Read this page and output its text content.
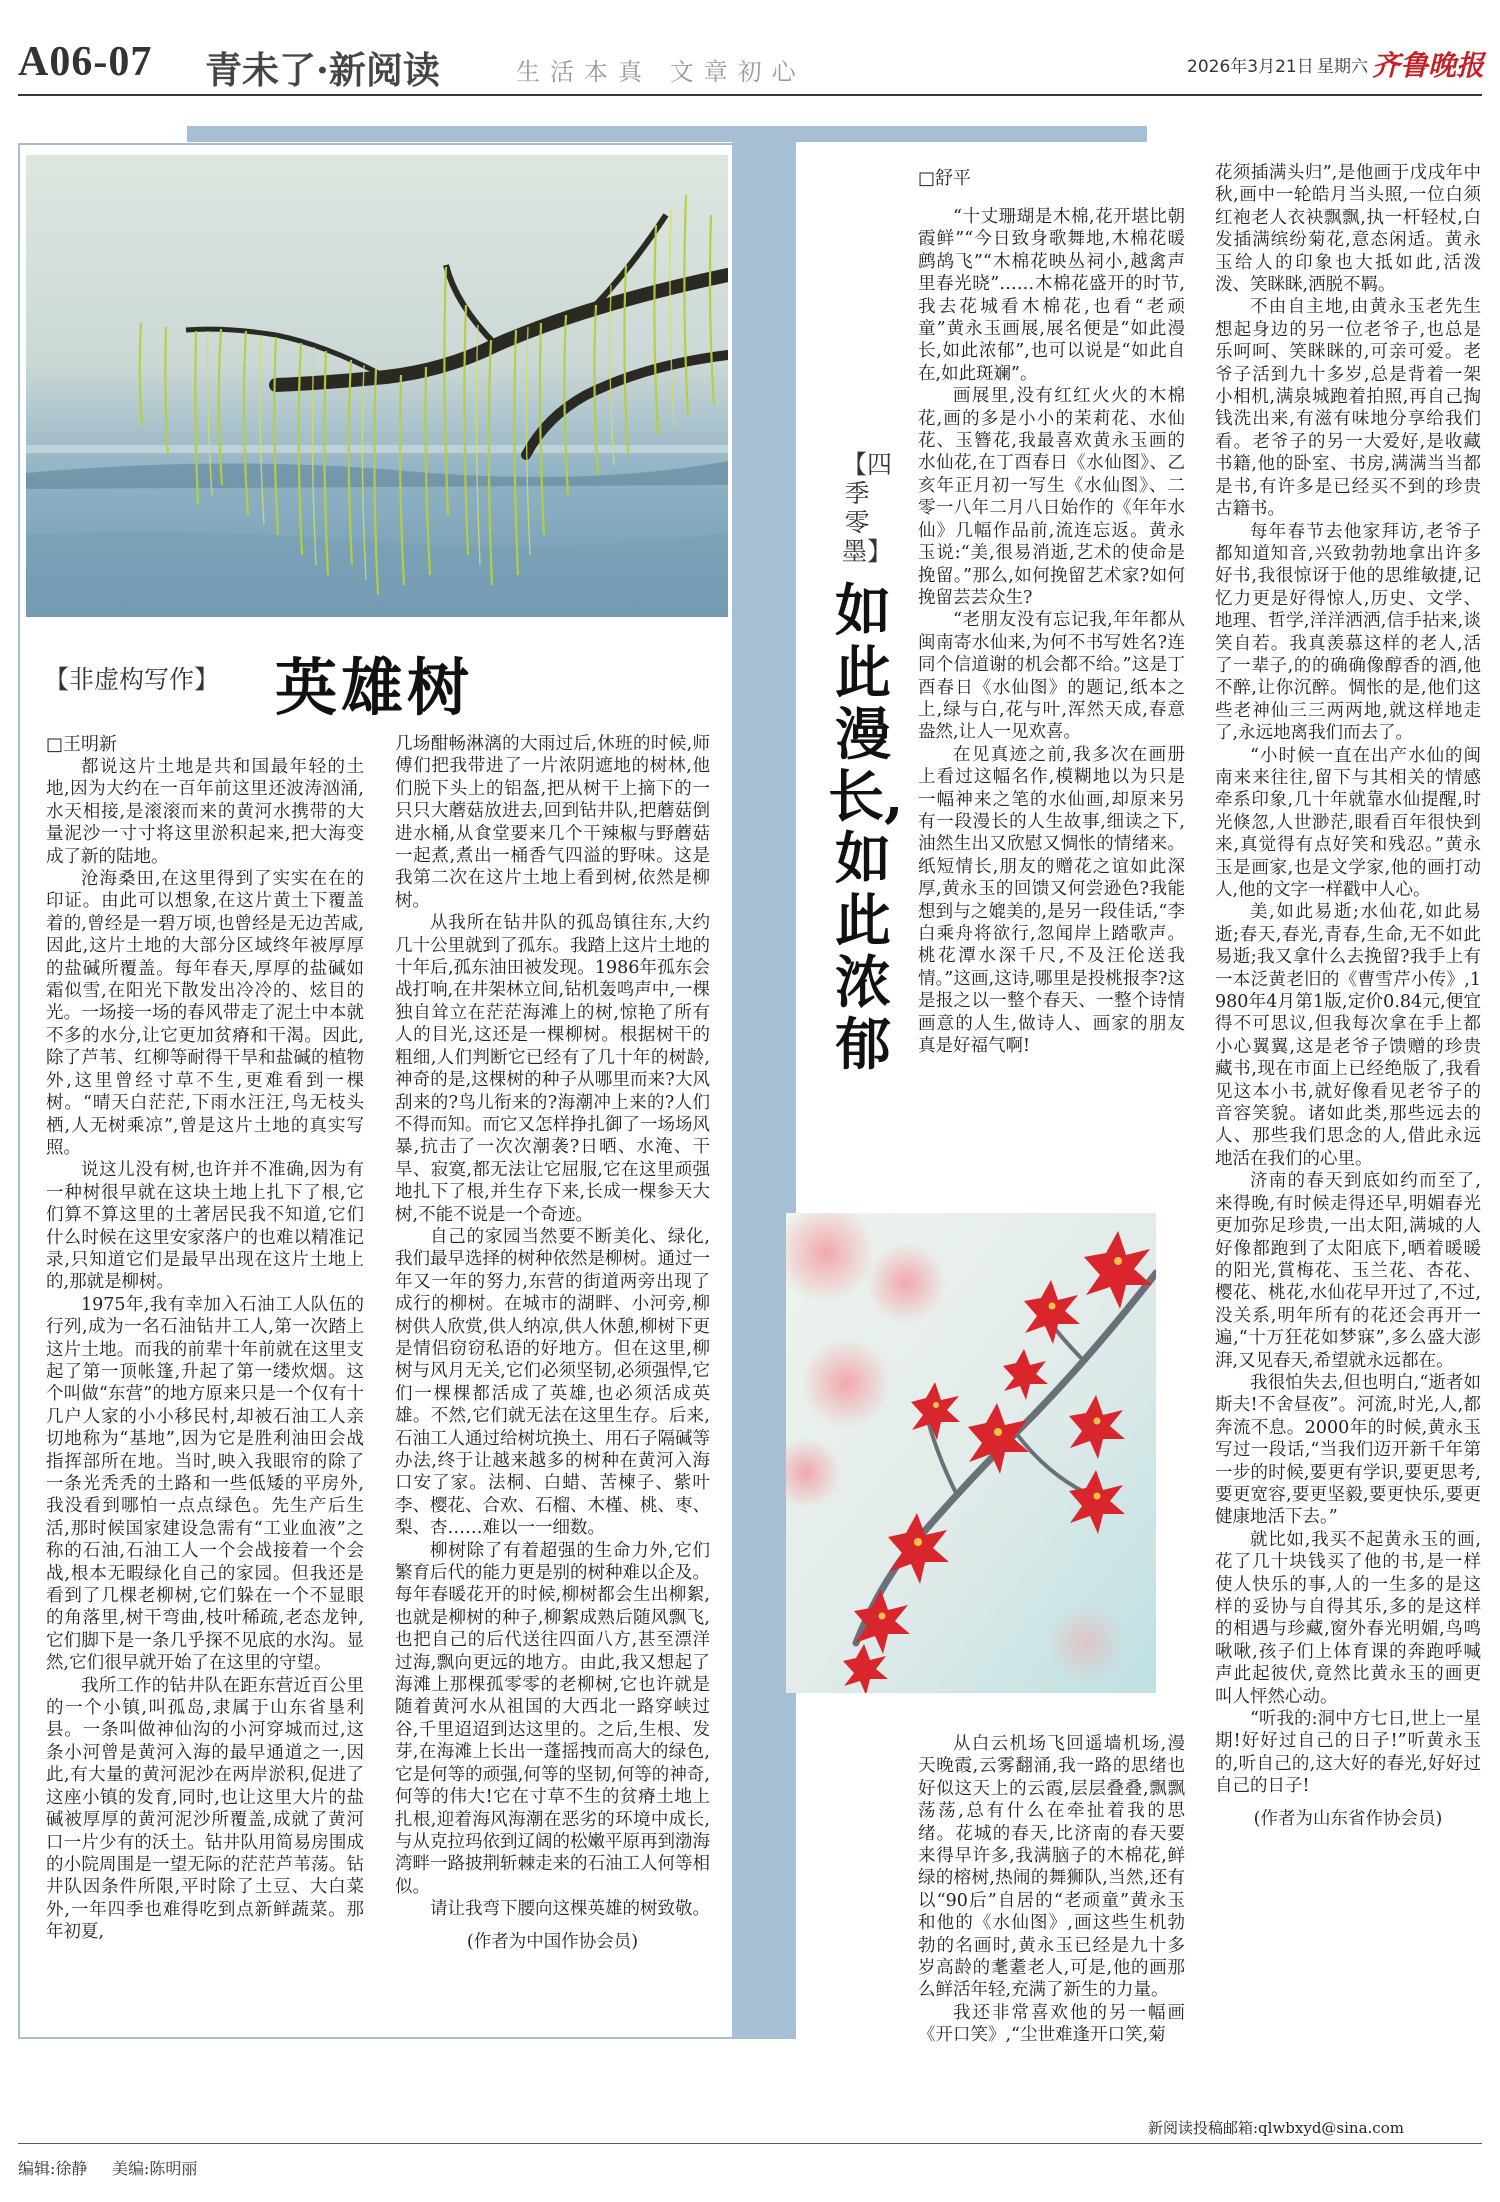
A06-07 青未了·新阅读	生活本真 文章初心	2026年3月21日 星期六 齐鲁晚报
【非虚构写作】 英雄树
□王明新

都说这片土地是共和国最年轻的土地,因为大约在一百年前这里还波涛汹涌,水天相接,是滚滚而来的黄河水携带的大量泥沙一寸寸将这里淤积起来,把大海变成了新的陆地。

沧海桑田,在这里得到了实实在在的印证。由此可以想象,在这片黄土下覆盖着的,曾经是一碧万顷,也曾经是无边苦咸,因此,这片土地的大部分区域终年被厚厚的盐碱所覆盖。每年春天,厚厚的盐碱如霜似雪,在阳光下散发出冷冷的、炫目的光。一场接一场的春风带走了泥土中本就不多的水分,让它更加贫瘠和干渴。因此,除了芦苇、红柳等耐得干旱和盐碱的植物外,这里曾经寸草不生,更难看到一棵树。“晴天白茫茫,下雨水汪汪,鸟无枝头栖,人无树乘凉”,曾是这片土地的真实写照。

说这儿没有树,也许并不准确,因为有一种树很早就在这块土地上扎下了根,它们算不算这里的土著居民我不知道,它们什么时候在这里安家落户的也难以精准记录,只知道它们是最早出现在这片土地上的,那就是柳树。

1975年,我有幸加入石油工人队伍的行列,成为一名石油钻井工人,第一次踏上这片土地。而我的前辈十年前就在这里支起了第一顶帐篷,升起了第一缕炊烟。这个叫做“东营”的地方原来只是一个仅有十几户人家的小小移民村,却被石油工人亲切地称为“基地”,因为它是胜利油田会战指挥部所在地。当时,映入我眼帘的除了一条光秃秃的土路和一些低矮的平房外,我没看到哪怕一点点绿色。先生产后生活,那时候国家建设急需有“工业血液”之称的石油,石油工人一个会战接着一个会战,根本无暇绿化自己的家园。但我还是看到了几棵老柳树,它们躲在一个不显眼的角落里,树干弯曲,枝叶稀疏,老态龙钟,它们脚下是一条几乎探不见底的水沟。显然,它们很早就开始了在这里的守望。

我所工作的钻井队在距东营近百公里的一个小镇,叫孤岛,隶属于山东省垦利县。一条叫做神仙沟的小河穿城而过,这条小河曾是黄河入海的最早通道之一,因此,有大量的黄河泥沙在两岸淤积,促进了这座小镇的发育,同时,也让这里大片的盐碱被厚厚的黄河泥沙所覆盖,成就了黄河口一片少有的沃土。钻井队用简易房围成的小院周围是一望无际的茫茫芦苇荡。钻井队因条件所限,平时除了土豆、大白菜外,一年四季也难得吃到点新鲜蔬菜。那年初夏,

几场酣畅淋漓的大雨过后,休班的时候,师傅们把我带进了一片浓阴遮地的树林,他们脱下头上的铝盔,把从树干上摘下的一只只大蘑菇放进去,回到钻井队,把蘑菇倒进水桶,从食堂要来几个干辣椒与野蘑菇一起煮,煮出一桶香气四溢的野味。这是我第二次在这片土地上看到树,依然是柳树。

从我所在钻井队的孤岛镇往东,大约几十公里就到了孤东。我踏上这片土地的十年后,孤东油田被发现。1986年孤东会战打响,在井架林立间,钻机轰鸣声中,一棵独自耸立在茫茫海滩上的树,惊艳了所有人的目光,这还是一棵柳树。根据树干的粗细,人们判断它已经有了几十年的树龄,神奇的是,这棵树的种子从哪里而来?大风刮来的?鸟儿衔来的?海潮冲上来的?人们不得而知。而它又怎样挣扎御了一场场风暴,抗击了一次次潮袭?日晒、水淹、干旱、寂寞,都无法让它屈服,它在这里顽强地扎下了根,并生存下来,长成一棵参天大树,不能不说是一个奇迹。

自己的家园当然要不断美化、绿化,我们最早选择的树种依然是柳树。通过一年又一年的努力,东营的街道两旁出现了成行的柳树。在城市的湖畔、小河旁,柳树供人欣赏,供人纳凉,供人休憩,柳树下更是情侣窃窃私语的好地方。但在这里,柳树与风月无关,它们必须坚韧,必须强悍,它们一棵棵都活成了英雄,也必须活成英雄。不然,它们就无法在这里生存。后来,石油工人通过给树坑换土、用石子隔碱等办法,终于让越来越多的树种在黄河入海口安了家。法桐、白蜡、苦楝子、紫叶李、樱花、合欢、石榴、木槿、桃、枣、梨、杏……难以一一细数。

柳树除了有着超强的生命力外,它们繁育后代的能力更是别的树种难以企及。每年春暖花开的时候,柳树都会生出柳絮,也就是柳树的种子,柳絮成熟后随风飘飞,也把自己的后代送往四面八方,甚至漂洋过海,飘向更远的地方。由此,我又想起了海滩上那棵孤零零的老柳树,它也许就是随着黄河水从祖国的大西北一路穿峡过谷,千里迢迢到达这里的。之后,生根、发芽,在海滩上长出一蓬摇拽而高大的绿色,它是何等的顽强,何等的坚韧,何等的神奇,何等的伟大!它在寸草不生的贫瘠土地上扎根,迎着海风海潮在恶劣的环境中成长,与从克拉玛依到辽阔的松嫩平原再到渤海湾畔一路披荆斩棘走来的石油工人何等相似。

请让我弯下腰向这棵英雄的树致敬。

(作者为中国作协会员)

【四季零墨】
如此漫长,如此浓郁
□舒平

“十丈珊瑚是木棉,花开堪比朝霞鲜”“今日致身歌舞地,木棉花暖鹧鸪飞”“木棉花映丛祠小,越禽声里春光晓”……木棉花盛开的时节,我去花城看木棉花,也看“老顽童”黄永玉画展,展名便是“如此漫长,如此浓郁”,也可以说是“如此自在,如此斑斓”。

画展里,没有红红火火的木棉花,画的多是小小的茉莉花、水仙花、玉簪花,我最喜欢黄永玉画的水仙花,在丁酉春日《水仙图》、乙亥年正月初一写生《水仙图》、二零一八年二月八日始作的《年年水仙》几幅作品前,流连忘返。黄永玉说:“美,很易消逝,艺术的使命是挽留。”那么,如何挽留艺术家?如何挽留芸芸众生?

“老朋友没有忘记我,年年都从闽南寄水仙来,为何不书写姓名?连同个信道谢的机会都不给。”这是丁酉春日《水仙图》的题记,纸本之上,绿与白,花与叶,浑然天成,春意盎然,让人一见欢喜。

在见真迹之前,我多次在画册上看过这幅名作,模糊地以为只是一幅神来之笔的水仙画,却原来另有一段漫长的人生故事,细读之下,油然生出又欣慰又惆怅的情绪来。纸短情长,朋友的赠花之谊如此深厚,黄永玉的回馈又何尝逊色?我能想到与之媲美的,是另一段佳话,“李白乘舟将欲行,忽闻岸上踏歌声。桃花潭水深千尺,不及汪伦送我情。”这画,这诗,哪里是投桃报李?这是报之以一整个春天、一整个诗情画意的人生,做诗人、画家的朋友真是好福气啊!

花须插满头归”,是他画于戊戌年中秋,画中一轮皓月当头照,一位白须红袍老人衣袂飘飘,执一杆轻杖,白发插满缤纷菊花,意态闲适。黄永玉给人的印象也大抵如此,活泼泼、笑眯眯,洒脱不羁。

不由自主地,由黄永玉老先生想起身边的另一位老爷子,也总是乐呵呵、笑眯眯的,可亲可爱。老爷子活到九十多岁,总是背着一架小相机,满泉城跑着拍照,再自己掏钱洗出来,有滋有味地分享给我们看。老爷子的另一大爱好,是收藏书籍,他的卧室、书房,满满当当都是书,有许多是已经买不到的珍贵古籍书。

每年春节去他家拜访,老爷子都知道知音,兴致勃勃地拿出许多好书,我很惊讶于他的思维敏捷,记忆力更是好得惊人,历史、文学、地理、哲学,洋洋洒洒,信手拈来,谈笑自若。我真羡慕这样的老人,活了一辈子,的的确确像醇香的酒,他不醉,让你沉醉。惆怅的是,他们这些老神仙三三两两地,就这样地走了,永远地离我们而去了。

“小时候一直在出产水仙的闽南来来往往,留下与其相关的情感牵系印象,几十年就靠水仙提醒,时光倏忽,人世渺茫,眼看百年很快到来,真觉得有点好笑和残忍。”黄永玉是画家,也是文学家,他的画打动人,他的文字一样戳中人心。

美,如此易逝;水仙花,如此易逝;春天,春光,青春,生命,无不如此易逝;我又拿什么去挽留?我手上有一本泛黄老旧的《曹雪芹小传》,1980年4月第1版,定价0.84元,便宜得不可思议,但我每次拿在手上都小心翼翼,这是老爷子馈赠的珍贵藏书,现在市面上已经绝版了,我看见这本小书,就好像看见老爷子的音容笑貌。诸如此类,那些远去的人、那些我们思念的人,借此永远地活在我们的心里。

济南的春天到底如约而至了,来得晚,有时候走得还早,明媚春光更加弥足珍贵,一出太阳,满城的人好像都跑到了太阳底下,晒着暖暖的阳光,賞梅花、玉兰花、杏花、樱花、桃花,水仙花早开过了,不过,没关系,明年所有的花还会再开一遍,“十万狂花如梦寐”,多么盛大澎湃,又见春天,希望就永远都在。

我很怕失去,但也明白,“逝者如斯夫!不舍昼夜”。河流,时光,人,都奔流不息。2000年的时候,黄永玉写过一段话,“当我们迈开新千年第一步的时候,要更有学识,要更思考,要更宽容,要更坚毅,要更快乐,要更健康地活下去。”

就比如,我买不起黄永玉的画,花了几十块钱买了他的书,是一样使人快乐的事,人的一生多的是这样的妥协与自得其乐,多的是这样的相遇与珍藏,窗外春光明媚,鸟鸣啾啾,孩子们上体育课的奔跑呼喊声此起彼伏,竟然比黄永玉的画更叫人怦然心动。

“听我的:洞中方七日,世上一星期!好好过自己的日子!”听黄永玉的,听自己的,这大好的春光,好好过自己的日子!

(作者为山东省作协会员)

从白云机场飞回遥墙机场,漫天晚霞,云雾翻涌,我一路的思绪也好似这天上的云霞,层层叠叠,飘飘荡荡,总有什么在牵扯着我的思绪。花城的春天,比济南的春天要来得早许多,我满脑子的木棉花,鲜绿的榕树,热闹的舞狮队,当然,还有以“90后”自居的“老顽童”黄永玉和他的《水仙图》,画这些生机勃勃的名画时,黄永玉已经是九十多岁高龄的耄耋老人,可是,他的画那么鲜活年轻,充满了新生的力量。

我还非常喜欢他的另一幅画《开口笑》,“尘世难逢开口笑,菊

新阅读投稿邮箱:qlwbxyd@sina.com
编辑:徐静 美编:陈明丽
